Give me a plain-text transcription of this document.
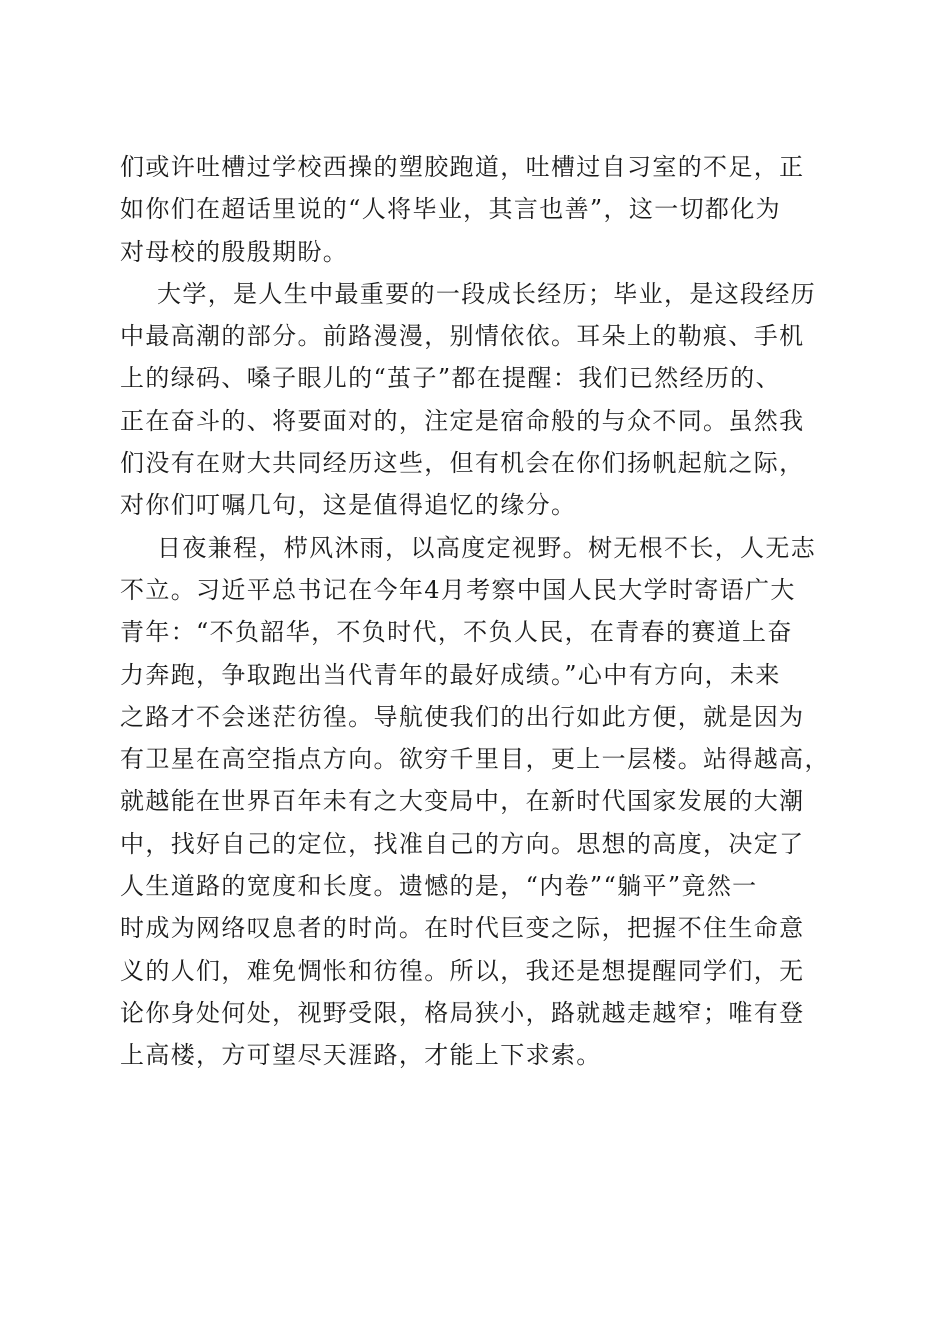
们或许吐槽过学校西操的塑胶跑道，吐槽过自习室的不足，正
如你们在超话里说的“人将毕业，其言也善”，这一切都化为
对母校的殷殷期盼。
大学，是人生中最重要的一段成长经历；毕业，是这段经历
中最高潮的部分。前路漫漫，别情依依。耳朵上的勒痕、手机
上的绿码、嗓子眼儿的“茧子”都在提醒：我们已然经历的、
正在奋斗的、将要面对的，注定是宿命般的与众不同。虽然我
们没有在财大共同经历这些，但有机会在你们扬帆起航之际，
对你们叮嘱几句，这是值得追忆的缘分。
日夜兼程，栉风沐雨，以高度定视野。树无根不长，人无志
不立。习近平总书记在今年4月考察中国人民大学时寄语广大
青年：“不负韶华，不负时代，不负人民，在青春的赛道上奋
力奔跑，争取跑出当代青年的最好成绩。”心中有方向，未来
之路才不会迷茫彷徨。导航使我们的出行如此方便，就是因为
有卫星在高空指点方向。欲穷千里目，更上一层楼。站得越高，
就越能在世界百年未有之大变局中，在新时代国家发展的大潮
中，找好自己的定位，找准自己的方向。思想的高度，决定了
人生道路的宽度和长度。遗憾的是，“内卷”“躺平”竟然一
时成为网络叹息者的时尚。在时代巨变之际，把握不住生命意
义的人们，难免惆怅和彷徨。所以，我还是想提醒同学们，无
论你身处何处，视野受限，格局狭小，路就越走越窄；唯有登
上高楼，方可望尽天涯路，才能上下求索。
